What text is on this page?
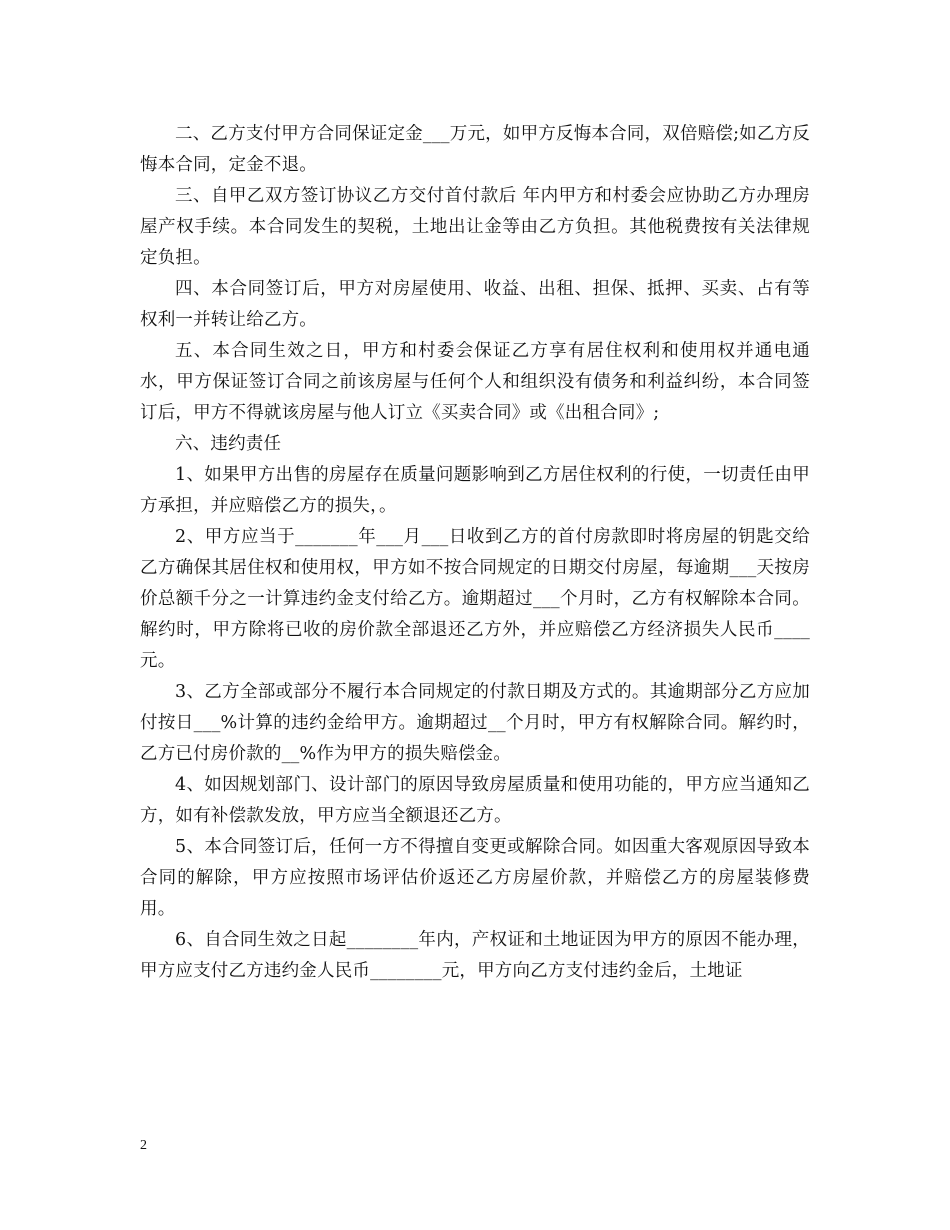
二、乙方支付甲方合同保证定金___万元，如甲方反悔本合同，双倍赔偿;如乙方反悔本合同，定金不退。

三、自甲乙双方签订协议乙方交付首付款后 年内甲方和村委会应协助乙方办理房屋产权手续。本合同发生的契税，土地出让金等由乙方负担。其他税费按有关法律规定负担。

四、本合同签订后，甲方对房屋使用、收益、出租、担保、抵押、买卖、占有等权利一并转让给乙方。

五、本合同生效之日，甲方和村委会保证乙方享有居住权利和使用权并通电通水，甲方保证签订合同之前该房屋与任何个人和组织没有债务和利益纠纷，本合同签订后，甲方不得就该房屋与他人订立《买卖合同》或《出租合同》;

六、违约责任

1、如果甲方出售的房屋存在质量问题影响到乙方居住权利的行使，一切责任由甲方承担，并应赔偿乙方的损失，。

2、甲方应当于_______年___月___日收到乙方的首付房款即时将房屋的钥匙交给乙方确保其居住权和使用权，甲方如不按合同规定的日期交付房屋，每逾期___天按房价总额千分之一计算违约金支付给乙方。逾期超过___个月时，乙方有权解除本合同。解约时，甲方除将已收的房价款全部退还乙方外，并应赔偿乙方经济损失人民币____元。

3、乙方全部或部分不履行本合同规定的付款日期及方式的。其逾期部分乙方应加付按日___%计算的违约金给甲方。逾期超过__个月时，甲方有权解除合同。解约时，乙方已付房价款的__%作为甲方的损失赔偿金。

4、如因规划部门、设计部门的原因导致房屋质量和使用功能的，甲方应当通知乙方，如有补偿款发放，甲方应当全额退还乙方。

5、本合同签订后，任何一方不得擅自变更或解除合同。如因重大客观原因导致本合同的解除，甲方应按照市场评估价返还乙方房屋价款，并赔偿乙方的房屋装修费用。

6、自合同生效之日起________年内，产权证和土地证因为甲方的原因不能办理，甲方应支付乙方违约金人民币________元，甲方向乙方支付违约金后，土地证

2
